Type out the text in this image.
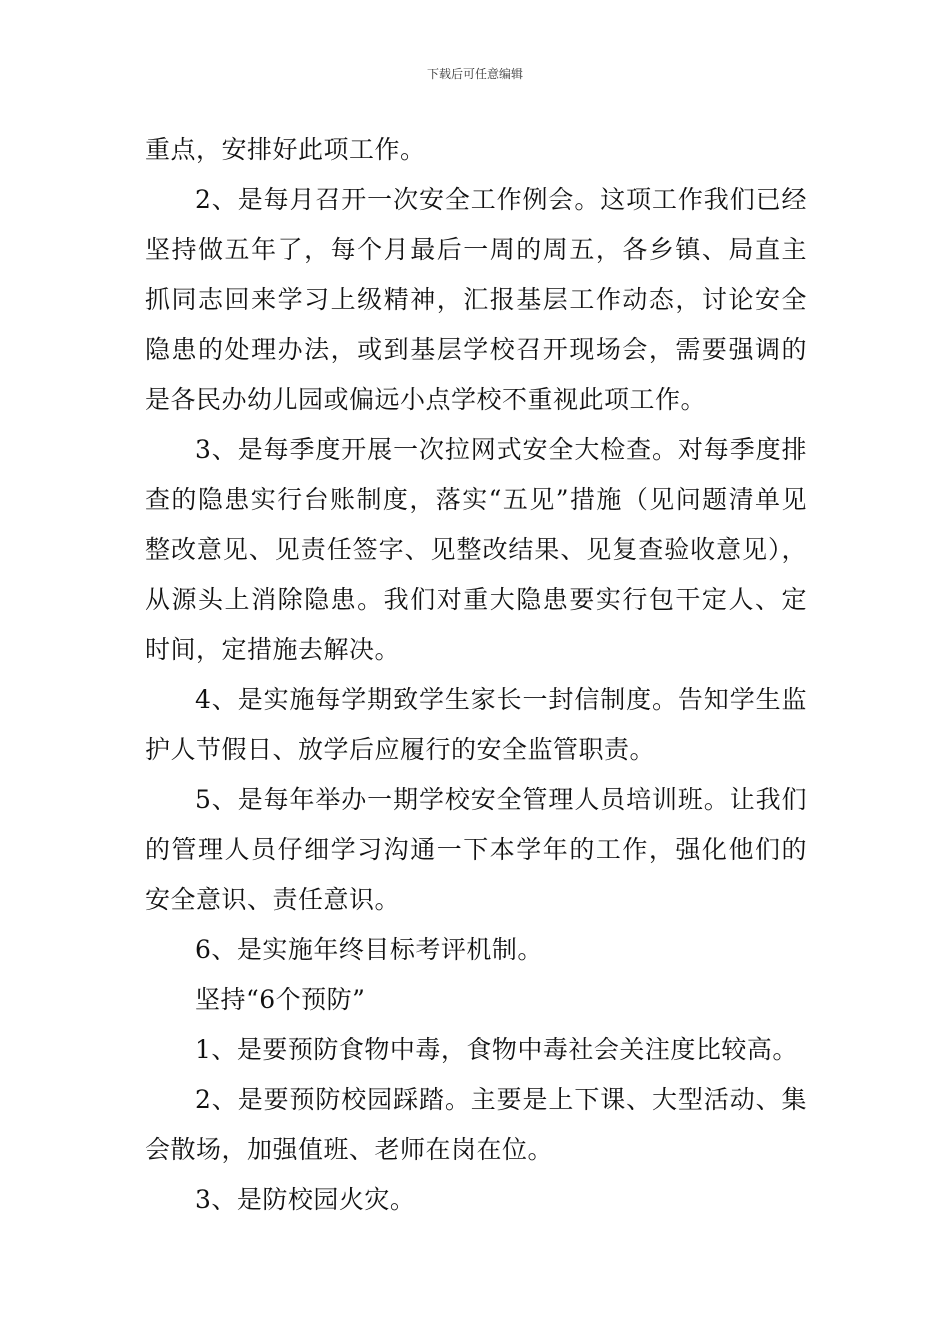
下载后可任意编辑

重点，安排好此项工作。

2、是每月召开一次安全工作例会。这项工作我们已经坚持做五年了，每个月最后一周的周五，各乡镇、局直主抓同志回来学习上级精神，汇报基层工作动态，讨论安全隐患的处理办法，或到基层学校召开现场会，需要强调的是各民办幼儿园或偏远小点学校不重视此项工作。

3、是每季度开展一次拉网式安全大检查。对每季度排查的隐患实行台账制度，落实“五见”措施（见问题清单见整改意见、见责任签字、见整改结果、见复查验收意见），从源头上消除隐患。我们对重大隐患要实行包干定人、定时间，定措施去解决。

4、是实施每学期致学生家长一封信制度。告知学生监护人节假日、放学后应履行的安全监管职责。

5、是每年举办一期学校安全管理人员培训班。让我们的管理人员仔细学习沟通一下本学年的工作，强化他们的安全意识、责任意识。

6、是实施年终目标考评机制。

坚持“6个预防”

1、是要预防食物中毒，食物中毒社会关注度比较高。

2、是要预防校园踩踏。主要是上下课、大型活动、集会散场，加强值班、老师在岗在位。

3、是防校园火灾。
